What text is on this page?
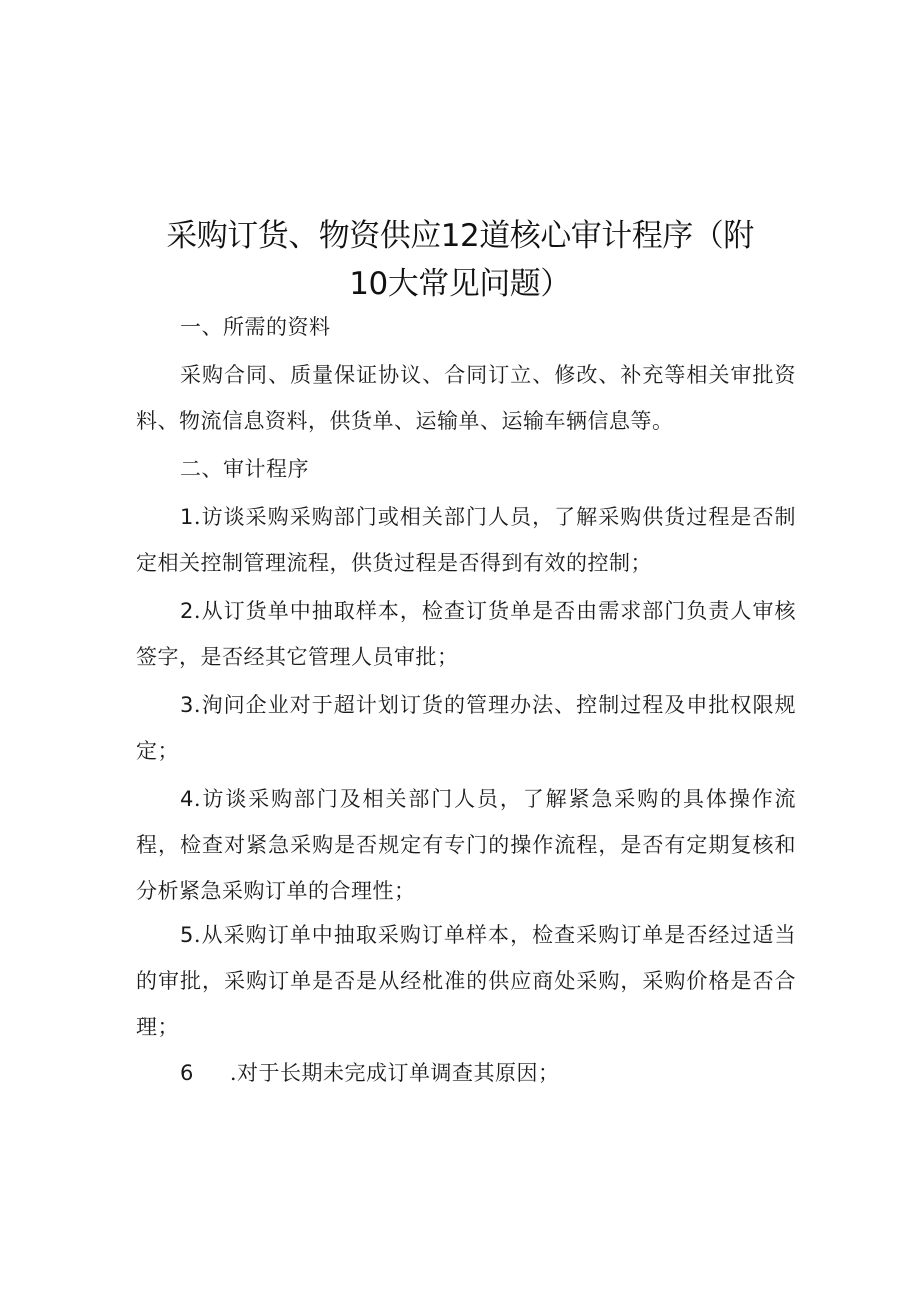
采购订货、物资供应12道核心审计程序（附
10大常见问题）

一、所需的资料

采购合同、质量保证协议、合同订立、修改、补充等相关审批资料、物流信息资料，供货单、运输单、运输车辆信息等。

二、审计程序

1.访谈采购采购部门或相关部门人员，了解采购供货过程是否制定相关控制管理流程，供货过程是否得到有效的控制；

2.从订货单中抽取样本，检查订货单是否由需求部门负责人审核签字，是否经其它管理人员审批；

3.洵问企业对于超计划订货的管理办法、控制过程及申批权限规定；

4.访谈采购部门及相关部门人员，了解紧急采购的具体操作流程，检查对紧急采购是否规定有专门的操作流程，是否有定期复核和分析紧急采购订单的合理性；

5.从采购订单中抽取采购订单样本，检查采购订单是否经过适当的审批，采购订单是否是从经枇准的供应商处采购，采购价格是否合理；

6 .对于长期未完成订单调查其原因；
